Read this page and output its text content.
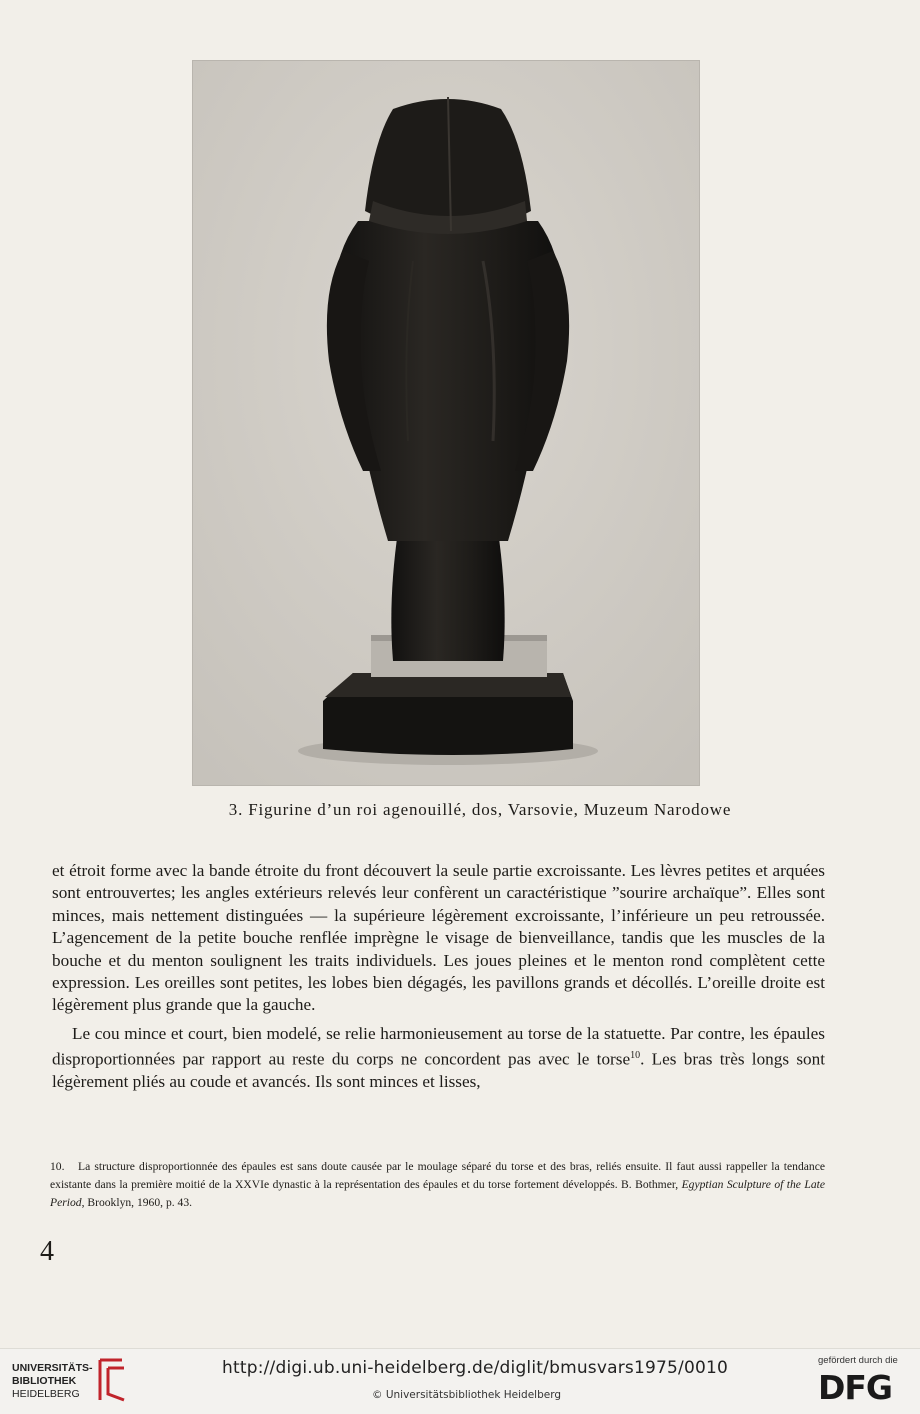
3. Figurine d’un roi agenouillé, dos, Varsovie, Muzeum Narodowe

et étroit forme avec la bande étroite du front découvert la seule partie excroissante. Les lèvres petites et arquées sont entrouvertes; les angles extérieurs relevés leur confèrent un caractéristique ”sourire archaïque”. Elles sont minces, mais nettement distinguées — la supérieure légèrement excroissante, l’inférieure un peu retroussée. L’agencement de la petite bouche renflée imprègne le visage de bienveillance, tandis que les muscles de la bouche et du menton soulignent les traits individuels. Les joues pleines et le menton rond complètent cette expression. Les oreilles sont petites, les lobes bien dégagés, les pavillons grands et décollés. L’oreille droite est légèrement plus grande que la gauche.

Le cou mince et court, bien modelé, se relie harmonieusement au torse de la statuette. Par contre, les épaules disproportionnées par rapport au reste du corps ne concordent pas avec le torse$^{10}$. Les bras très longs sont légèrement pliés au coude et avancés. Ils sont minces et lisses,

10. La structure disproportionnée des épaules est sans doute causée par le moulage séparé du torse et des bras, reliés ensuite. Il faut aussi rappeller la tendance existante dans la première moitié de la XXVIe dynastic à la représentation des épaules et du torse fortement développés. B. Bothmer, Egyptian Sculpture of the Late Period, Brooklyn, 1960, p. 43.
4
UNIVERSITÄTS-
BIBLIOTHEK
HEIDELBERG
http://digi.ub.uni-heidelberg.de/diglit/bmusvars1975/0010
© Universitätsbibliothek Heidelberg
gefördert durch die
DFG
